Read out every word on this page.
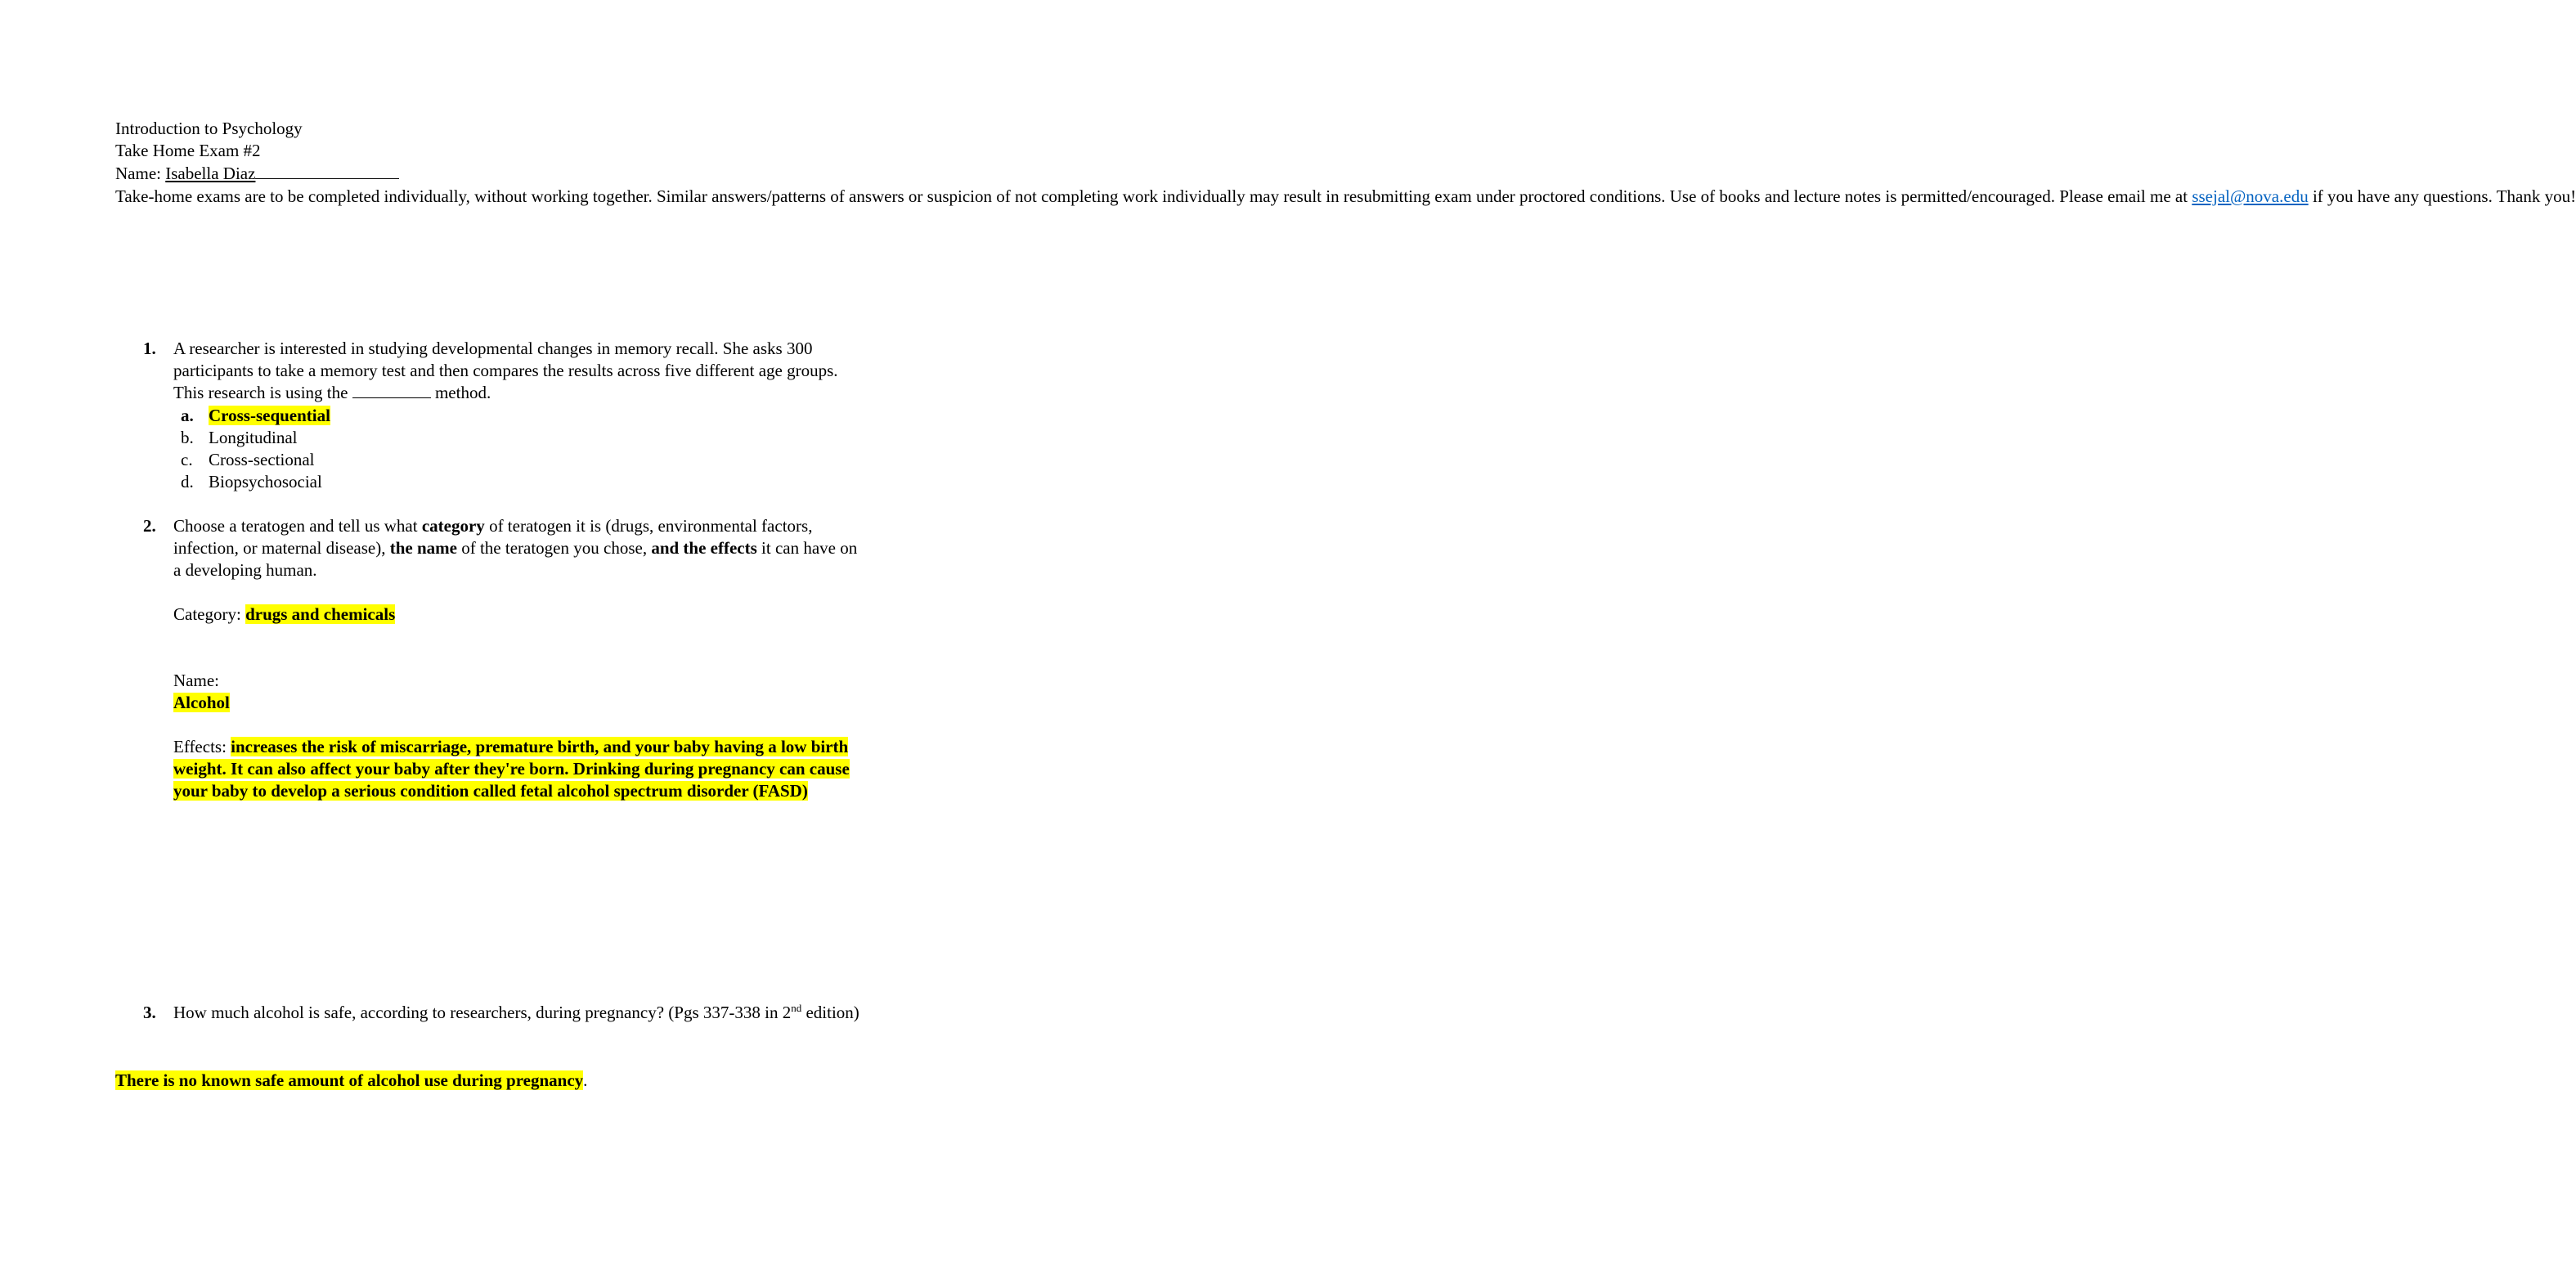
Introduction to Psychology
Take Home Exam #2
Name: Isabella Diaz
Take-home exams are to be completed individually, without working together. Similar answers/patterns of answers or suspicion of not completing work individually may result in resubmitting exam under proctored conditions. Use of books and lecture notes is permitted/encouraged. Please email me at ssejal@nova.edu if you have any questions. Thank you!
1. A researcher is interested in studying developmental changes in memory recall. She asks 300 participants to take a memory test and then compares the results across five different age groups. This research is using the	method.
a. Cross-sequential
b. Longitudinal
c. Cross-sectional
d. Biopsychosocial
2. Choose a teratogen and tell us what category of teratogen it is (drugs, environmental factors, infection, or maternal disease), the name of the teratogen you chose, and the effects it can have on a developing human.
Category: drugs and chemicals
Name:
Alcohol
Effects: increases the risk of miscarriage, premature birth, and your baby having a low birth weight. It can also affect your baby after they're born. Drinking during pregnancy can cause your baby to develop a serious condition called fetal alcohol spectrum disorder (FASD)
3. How much alcohol is safe, according to researchers, during pregnancy? (Pgs 337-338 in 2nd edition)
There is no known safe amount of alcohol use during pregnancy.
